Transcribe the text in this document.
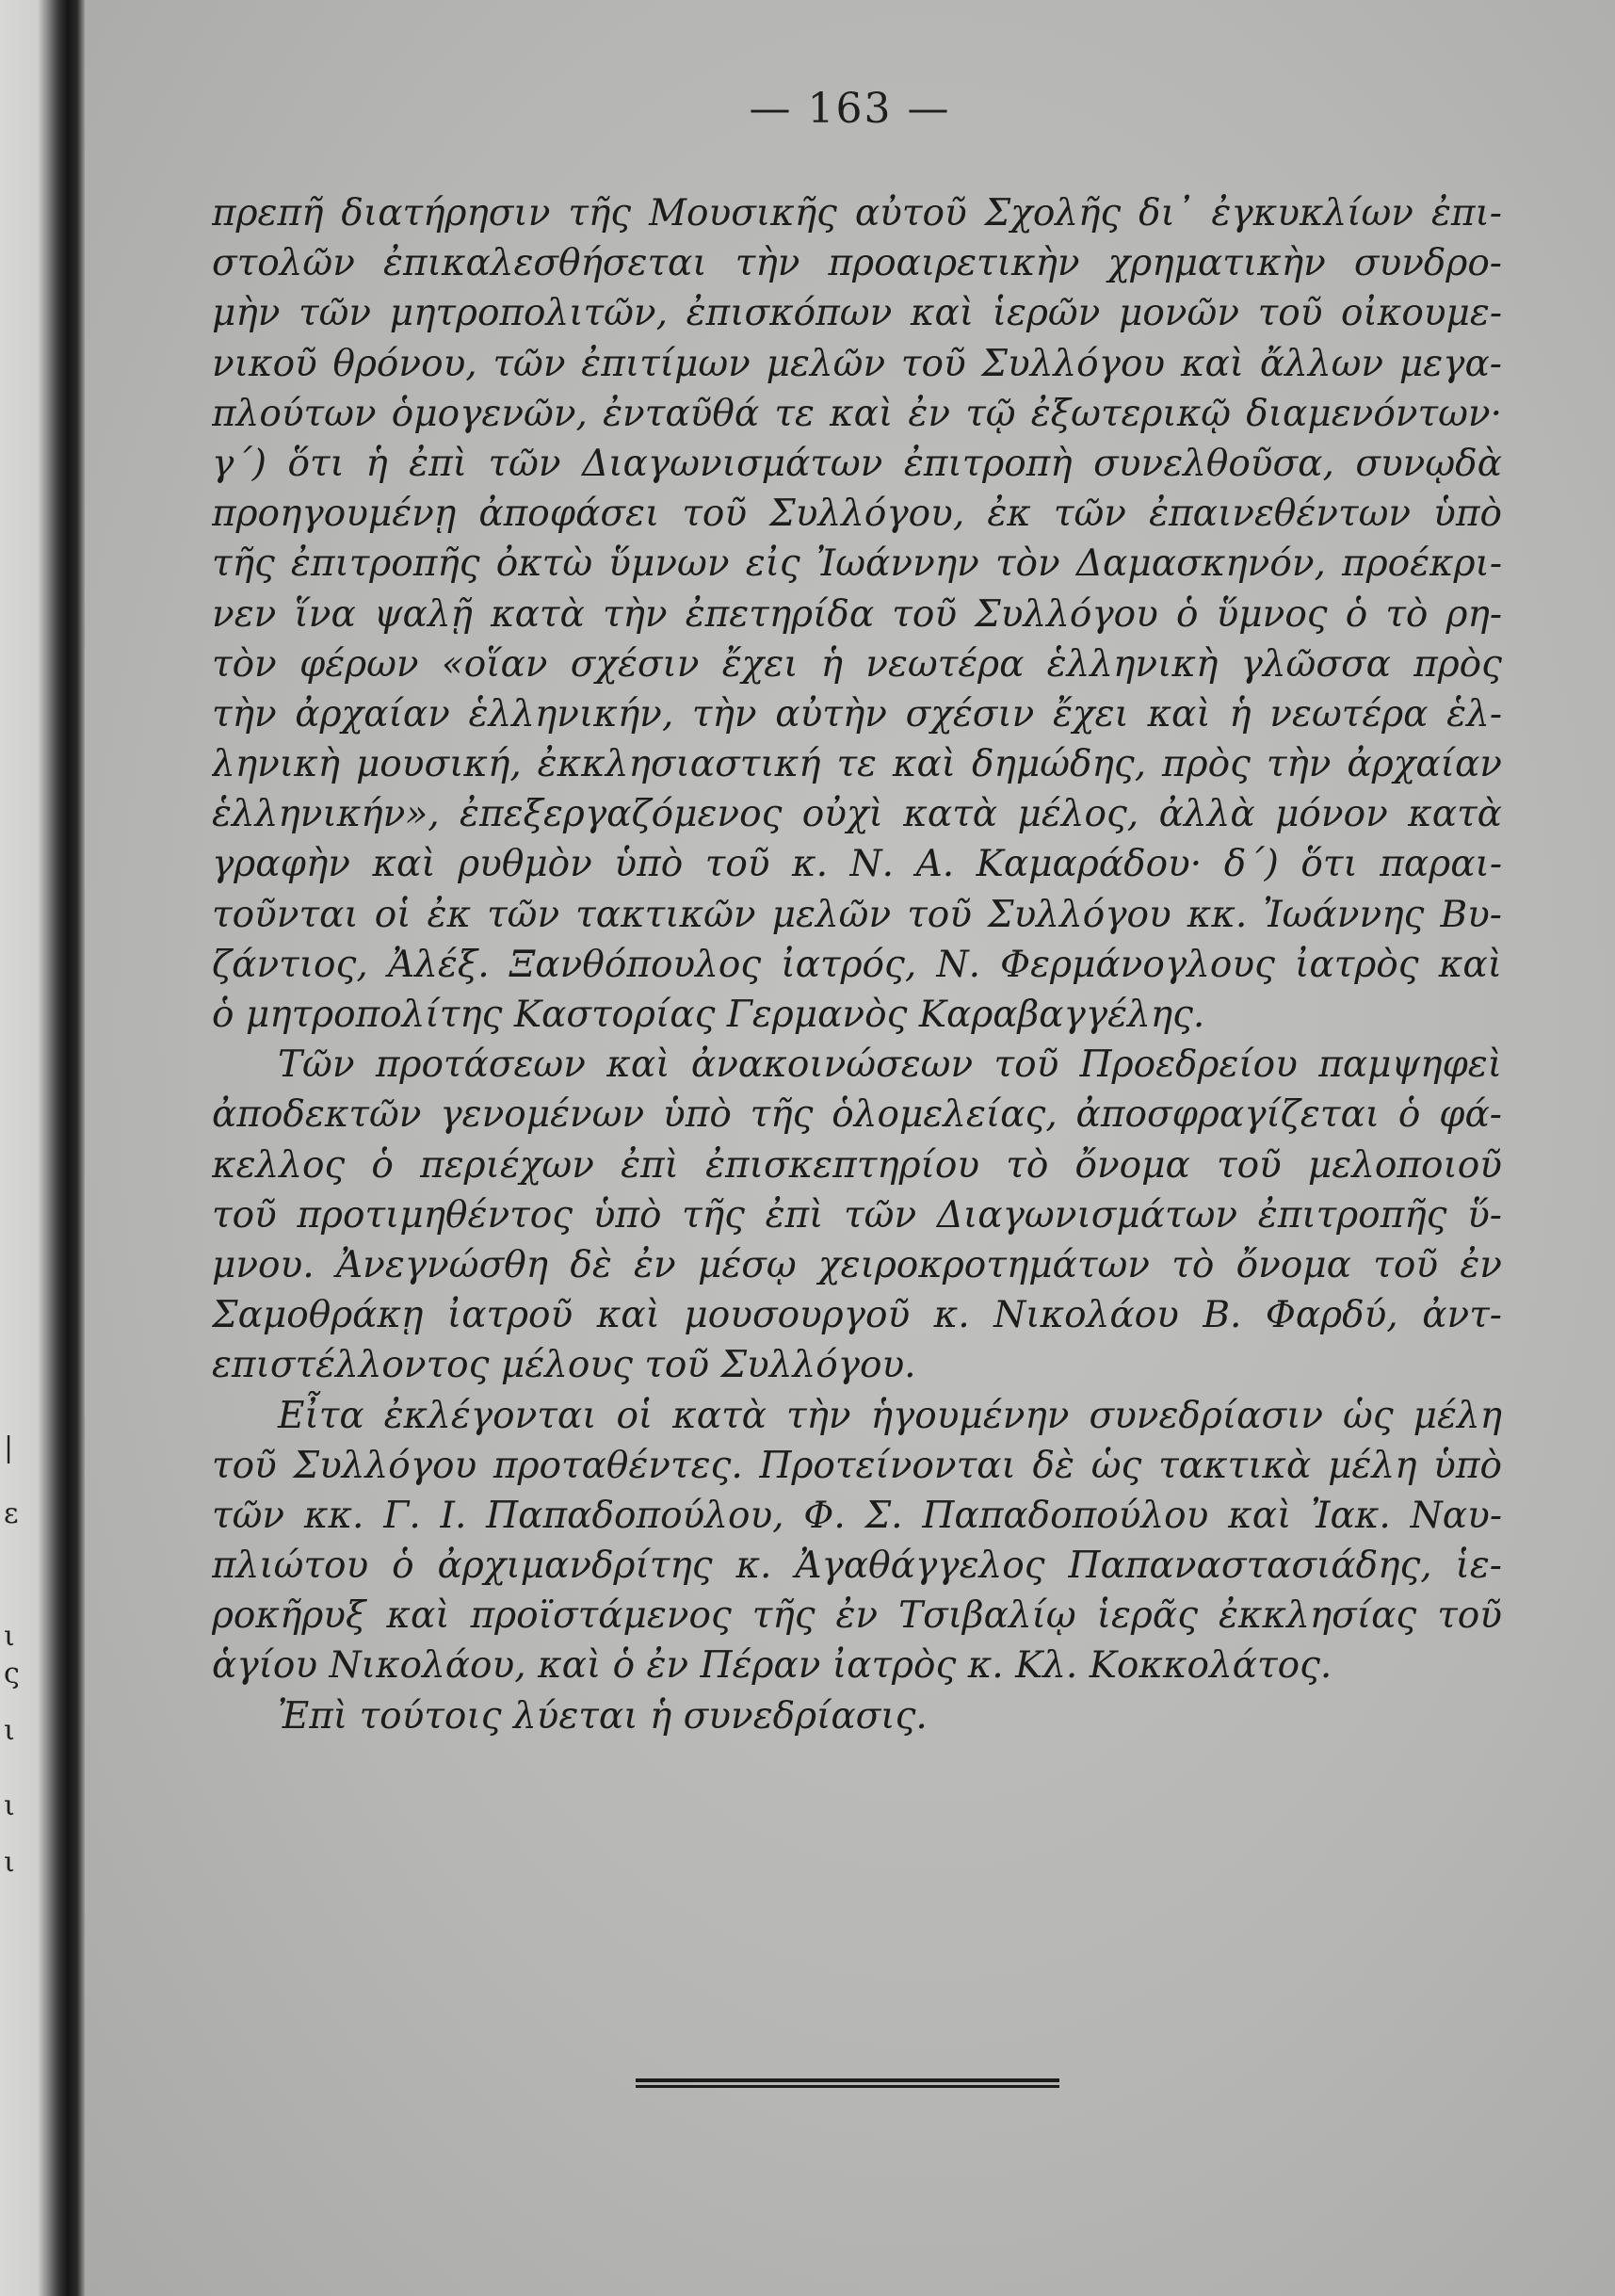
|
ε
ι
ς
ι
ι
ι
— 163 —
πρεπῆ διατήρησιν τῆς Μουσικῆς αὐτοῦ Σχολῆς δι᾿ ἐγκυκλίων ἐπι-
στολῶν ἐπικαλεσθήσεται τὴν προαιρετικὴν χρηματικὴν συνδρο-
μὴν τῶν μητροπολιτῶν, ἐπισκόπων καὶ ἱερῶν μονῶν τοῦ οἰκουμε-
νικοῦ θρόνου, τῶν ἐπιτίμων μελῶν τοῦ Συλλόγου καὶ ἄλλων μεγα-
πλούτων ὁμογενῶν, ἐνταῦθά τε καὶ ἐν τῷ ἐξωτερικῷ διαμενόντων·
γ´) ὅτι ἡ ἐπὶ τῶν Διαγωνισμάτων ἐπιτροπὴ συνελθοῦσα, συνῳδὰ
προηγουμένῃ ἀποφάσει τοῦ Συλλόγου, ἐκ τῶν ἐπαινεθέντων ὑπὸ
τῆς ἐπιτροπῆς ὀκτὼ ὕμνων εἰς Ἰωάννην τὸν Δαμασκηνόν, προέκρι-
νεν ἵνα ψαλῇ κατὰ τὴν ἐπετηρίδα τοῦ Συλλόγου ὁ ὕμνος ὁ τὸ ρη-
τὸν φέρων «οἵαν σχέσιν ἔχει ἡ νεωτέρα ἑλληνικὴ γλῶσσα πρὸς
τὴν ἀρχαίαν ἑλληνικήν, τὴν αὐτὴν σχέσιν ἔχει καὶ ἡ νεωτέρα ἑλ-
ληνικὴ μουσική, ἐκκλησιαστική τε καὶ δημώδης, πρὸς τὴν ἀρχαίαν
ἑλληνικήν», ἐπεξεργαζόμενος οὐχὶ κατὰ μέλος, ἀλλὰ μόνον κατὰ
γραφὴν καὶ ρυθμὸν ὑπὸ τοῦ κ. Ν. Α. Καμαράδου· δ´) ὅτι παραι-
τοῦνται οἱ ἐκ τῶν τακτικῶν μελῶν τοῦ Συλλόγου κκ. Ἰωάννης Βυ-
ζάντιος, Ἀλέξ. Ξανθόπουλος ἰατρός, Ν. Φερμάνογλους ἰατρὸς καὶ
ὁ μητροπολίτης Καστορίας Γερμανὸς Καραβαγγέλης.
Τῶν προτάσεων καὶ ἀνακοινώσεων τοῦ Προεδρείου παμψηφεὶ
ἀποδεκτῶν γενομένων ὑπὸ τῆς ὁλομελείας, ἀποσφραγίζεται ὁ φά-
κελλος ὁ περιέχων ἐπὶ ἐπισκεπτηρίου τὸ ὄνομα τοῦ μελοποιοῦ
τοῦ προτιμηθέντος ὑπὸ τῆς ἐπὶ τῶν Διαγωνισμάτων ἐπιτροπῆς ὕ-
μνου. Ἀνεγνώσθη δὲ ἐν μέσῳ χειροκροτημάτων τὸ ὄνομα τοῦ ἐν
Σαμοθράκῃ ἰατροῦ καὶ μουσουργοῦ κ. Νικολάου Β. Φαρδύ, ἀντ-
επιστέλλοντος μέλους τοῦ Συλλόγου.
Εἶτα ἐκλέγονται οἱ κατὰ τὴν ἡγουμένην συνεδρίασιν ὡς μέλη
τοῦ Συλλόγου προταθέντες. Προτείνονται δὲ ὡς τακτικὰ μέλη ὑπὸ
τῶν κκ. Γ. Ι. Παπαδοπούλου, Φ. Σ. Παπαδοπούλου καὶ Ἰακ. Ναυ-
πλιώτου ὁ ἀρχιμανδρίτης κ. Ἀγαθάγγελος Παπαναστασιάδης, ἱε-
ροκῆρυξ καὶ προϊστάμενος τῆς ἐν Τσιβαλίῳ ἱερᾶς ἐκκλησίας τοῦ
ἁγίου Νικολάου, καὶ ὁ ἐν Πέραν ἰατρὸς κ. Κλ. Κοκκολάτος.
Ἐπὶ τούτοις λύεται ἡ συνεδρίασις.
